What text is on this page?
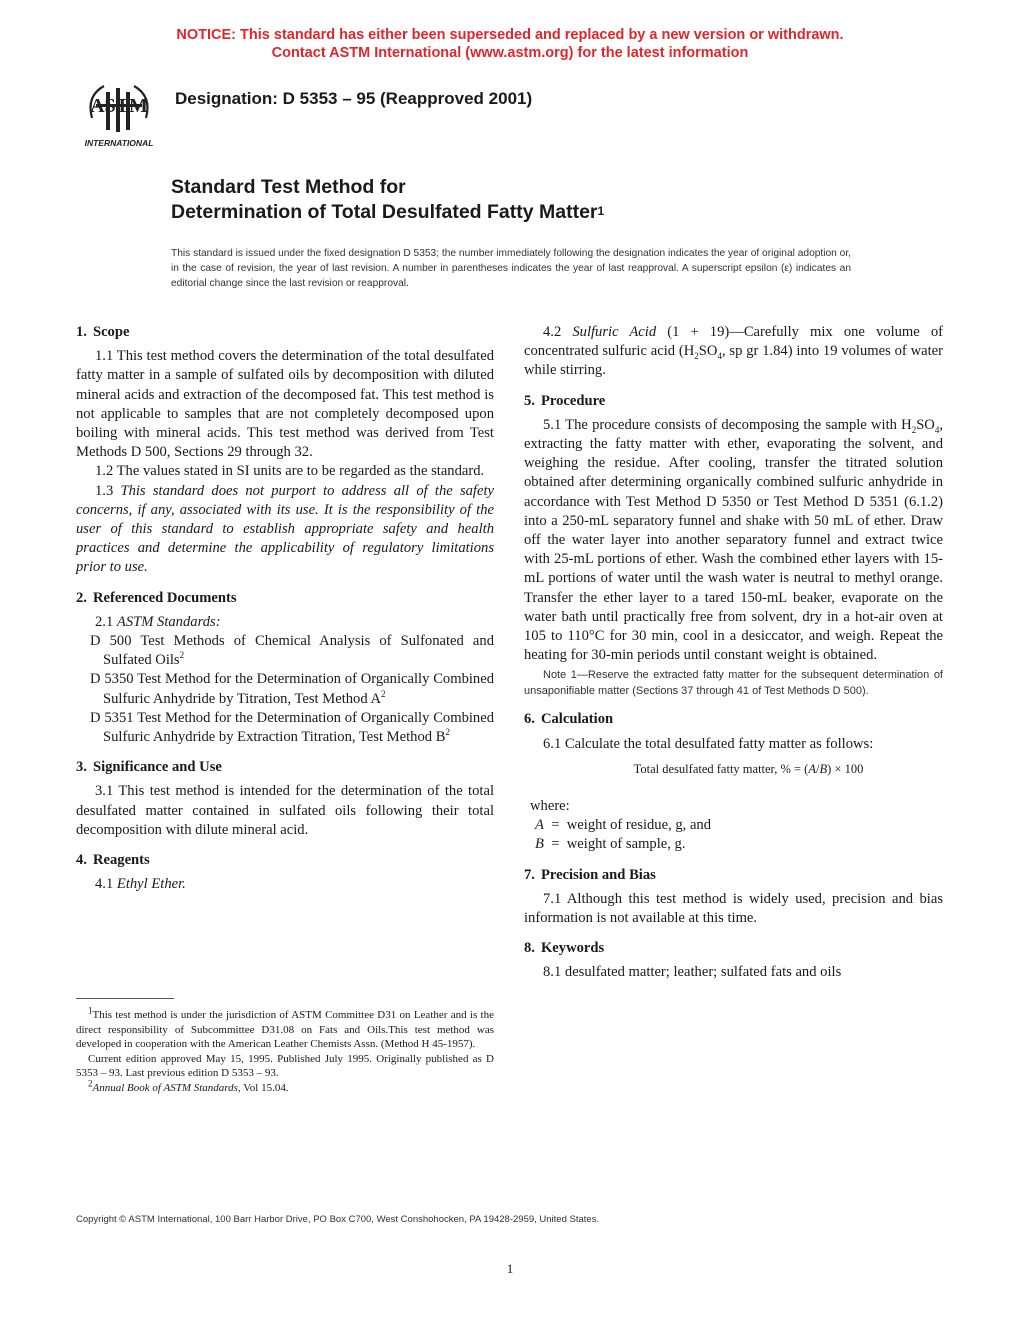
NOTICE: This standard has either been superseded and replaced by a new version or withdrawn.
Contact ASTM International (www.astm.org) for the latest information
ASTM
INTERNATIONAL
Designation: D 5353 – 95 (Reapproved 2001)
Standard Test Method for
Determination of Total Desulfated Fatty Matter$^1$
This standard is issued under the fixed designation D 5353; the number immediately following the designation indicates the year of original adoption or, in the case of revision, the year of last revision. A number in parentheses indicates the year of last reapproval. A superscript epsilon (ε) indicates an editorial change since the last revision or reapproval.
1. Scope

1.1 This test method covers the determination of the total desulfated fatty matter in a sample of sulfated oils by decomposition with diluted mineral acids and extraction of the decomposed fat. This test method is not applicable to samples that are not completely decomposed upon boiling with mineral acids. This test method was derived from Test Methods D 500, Sections 29 through 32.

1.2 The values stated in SI units are to be regarded as the standard.

1.3 This standard does not purport to address all of the safety concerns, if any, associated with its use. It is the responsibility of the user of this standard to establish appropriate safety and health practices and determine the applicability of regulatory limitations prior to use.

2. Referenced Documents

2.1 ASTM Standards:

D 500 Test Methods of Chemical Analysis of Sulfonated and Sulfated Oils$^2$

D 5350 Test Method for the Determination of Organically Combined Sulfuric Anhydride by Titration, Test Method $A^2$

D 5351 Test Method for the Determination of Organically Combined Sulfuric Anhydride by Extraction Titration, Test Method $B^2$

3. Significance and Use

3.1 This test method is intended for the determination of the total desulfated matter contained in sulfated oils following their total decomposition with dilute mineral acid.

4. Reagents

4.1 Ethyl Ether.

4.2 Sulfuric Acid (1 + 19)—Carefully mix one volume of concentrated sulfuric acid ($H_2SO_4$, sp gr 1.84) into 19 volumes of water while stirring.

5. Procedure

5.1 The procedure consists of decomposing the sample with $H_2SO_4$, extracting the fatty matter with ether, evaporating the solvent, and weighing the residue. After cooling, transfer the titrated solution obtained after determining organically combined sulfuric anhydride in accordance with Test Method D 5350 or Test Method D 5351 (6.1.2) into a 250-mL separatory funnel and shake with 50 mL of ether. Draw off the water layer into another separatory funnel and extract twice with 25-mL portions of ether. Wash the combined ether layers with 15-mL portions of water until the wash water is neutral to methyl orange. Transfer the ether layer to a tared 150-mL beaker, evaporate on the water bath until practically free from solvent, dry in a hot-air oven at 105 to 110°C for 30 min, cool in a desiccator, and weigh. Repeat the heating for 30-min periods until constant weight is obtained.

Note 1—Reserve the extracted fatty matter for the subsequent determination of unsaponifiable matter (Sections 37 through 41 of Test Methods D 500).

6. Calculation

6.1 Calculate the total desulfated fatty matter as follows:

Total desulfated fatty matter, % = (A/B) × 100

where:
A = weight of residue, g, and
B = weight of sample, g.
7. Precision and Bias

7.1 Although this test method is widely used, precision and bias information is not available at this time.

8. Keywords

8.1 desulfated matter; leather; sulfated fats and oils

$^1$This test method is under the jurisdiction of ASTM Committee D31 on Leather and is the direct responsibility of Subcommittee D31.08 on Fats and Oils.This test method was developed in cooperation with the American Leather Chemists Assn. (Method H 45-1957).

Current edition approved May 15, 1995. Published July 1995. Originally published as D 5353 – 93. Last previous edition D 5353 – 93.

$^2$Annual Book of ASTM Standards, Vol 15.04.

Copyright © ASTM International, 100 Barr Harbor Drive, PO Box C700, West Conshohocken, PA 19428-2959, United States.
1
